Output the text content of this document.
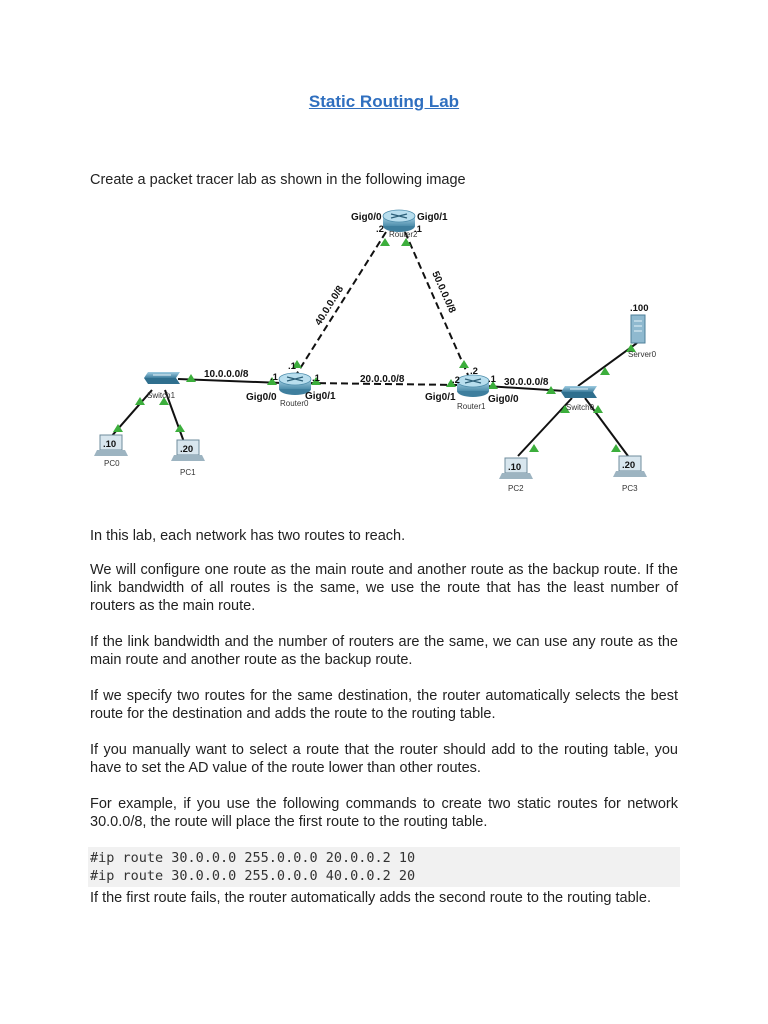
Static Routing Lab

Create a packet tracer lab as shown in the following image

Router2
Router0	Router1
Switch1
Switch0
Server0
.100
.10
PC0
.20
PC1	.10
PC2
.20
PC3
Gig0/0	Gig0/1
Gig0/0	Gig0/1	Gig0/1	Gig0/0
.2	.1
.1
.1	.1
.2
.2	.1
10.0.0.0/8	20.0.0.0/8	30.0.0.0/8
40.0.0.0/8	50.0.0.0/8

In this lab, each network has two routes to reach.

We will configure one route as the main route and another route as the backup route. If the link bandwidth of all routes is the same, we use the route that has the least number of routers as the main route.

If the link bandwidth and the number of routers are the same, we can use any route as the main route and another route as the backup route.

If we specify two routes for the same destination, the router automatically selects the best route for the destination and adds the route to the routing table.

If you manually want to select a route that the router should add to the routing table, you have to set the AD value of the route lower than other routes.

For example, if you use the following commands to create two static routes for network 30.0.0/8, the route will place the first route to the routing table.

#ip route 30.0.0.0 255.0.0.0 20.0.0.2 10
#ip route 30.0.0.0 255.0.0.0 40.0.0.2 20

If the first route fails, the router automatically adds the second route to the routing table.
